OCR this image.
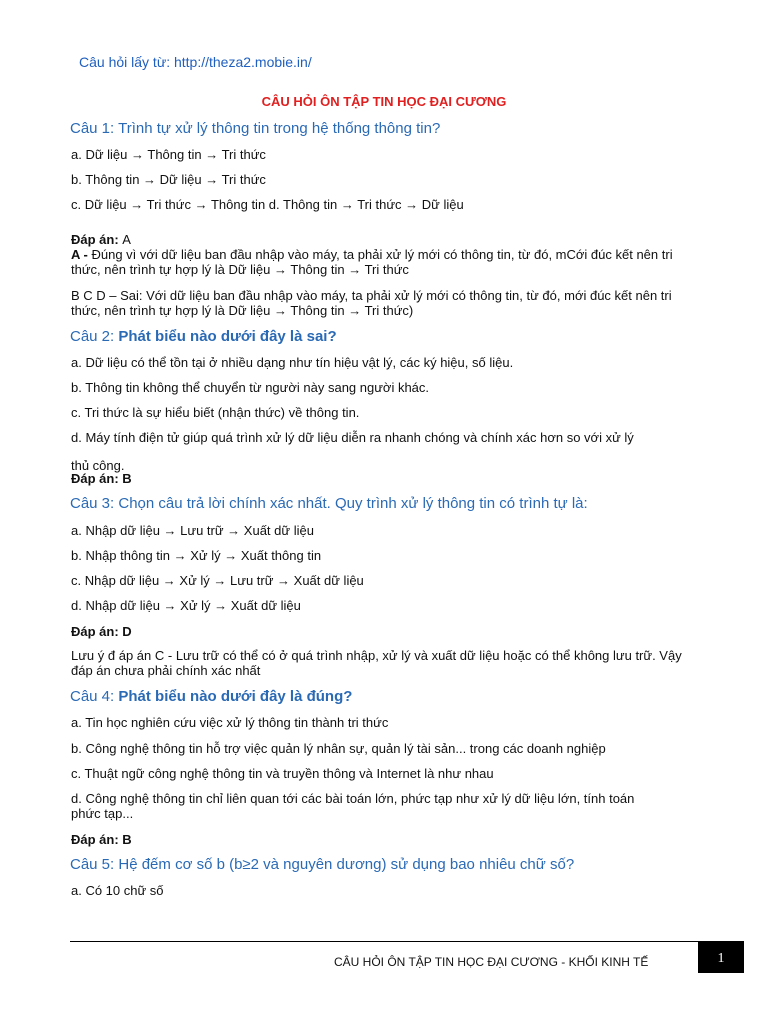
Câu hỏi lấy từ: http://theza2.mobie.in/
CÂU HỎI ÔN TẬP TIN HỌC ĐẠI CƯƠNG
Câu 1: Trình tự xử lý thông tin trong hệ thống thông tin?
a. Dữ liệu → Thông tin → Tri thức
b. Thông tin → Dữ liệu → Tri thức
c. Dữ liệu → Tri thức → Thông tin d. Thông tin → Tri thức → Dữ liệu
Đáp án: A
A - Đúng vì với dữ liệu ban đầu nhập vào máy, ta phải xử lý mới có thông tin, từ đó, mCới đúc kết nên tri thức, nên trình tự hợp lý là Dữ liệu → Thông tin → Tri thức
B C D – Sai: Với dữ liệu ban đầu nhập vào máy, ta phải xử lý mới có thông tin, từ đó, mới đúc kết nên tri thức, nên trình tự hợp lý là Dữ liệu → Thông tin → Tri thức)
Câu 2: Phát biểu nào dưới đây là sai?
a. Dữ liệu có thể tồn tại ở nhiều dạng như tín hiệu vật lý, các ký hiệu, số liệu.
b. Thông tin không thể chuyển từ người này sang người khác.
c. Tri thức là sự hiểu biết (nhận thức) về thông tin.
d. Máy tính điện tử giúp quá trình xử lý dữ liệu diễn ra nhanh chóng và chính xác hơn so với xử lý
thủ công.
Đáp án: B
Câu 3: Chọn câu trả lời chính xác nhất. Quy trình xử lý thông tin có trình tự là:
a. Nhập dữ liệu → Lưu trữ → Xuất dữ liệu
b. Nhập thông tin → Xử lý → Xuất thông tin
c. Nhập dữ liệu → Xử lý → Lưu trữ → Xuất dữ liệu
d. Nhập dữ liệu → Xử lý → Xuất dữ liệu
Đáp án: D
Lưu ý đ áp án C - Lưu trữ có thể có ở quá trình nhập, xử lý và xuất dữ liệu hoặc có thể không lưu trữ. Vậy đáp án chưa phải chính xác nhất
Câu 4: Phát biểu nào dưới đây là đúng?
a. Tin học nghiên cứu việc xử lý thông tin thành tri thức
b. Công nghệ thông tin hỗ trợ việc quản lý nhân sự, quản lý tài sản... trong các doanh nghiệp
c. Thuật ngữ công nghệ thông tin và truyền thông và Internet là như nhau
d. Công nghệ thông tin chỉ liên quan tới các bài toán lớn, phức tạp như xử lý dữ liệu lớn, tính toán
phức tạp...
Đáp án: B
Câu 5: Hệ đếm cơ số b (b≥2 và nguyên dương) sử dụng bao nhiêu chữ số?
a. Có 10 chữ số
CÂU HỎI ÔN TẬP TIN HỌC ĐẠI CƯƠNG - KHỐI KINH TẾ	1
